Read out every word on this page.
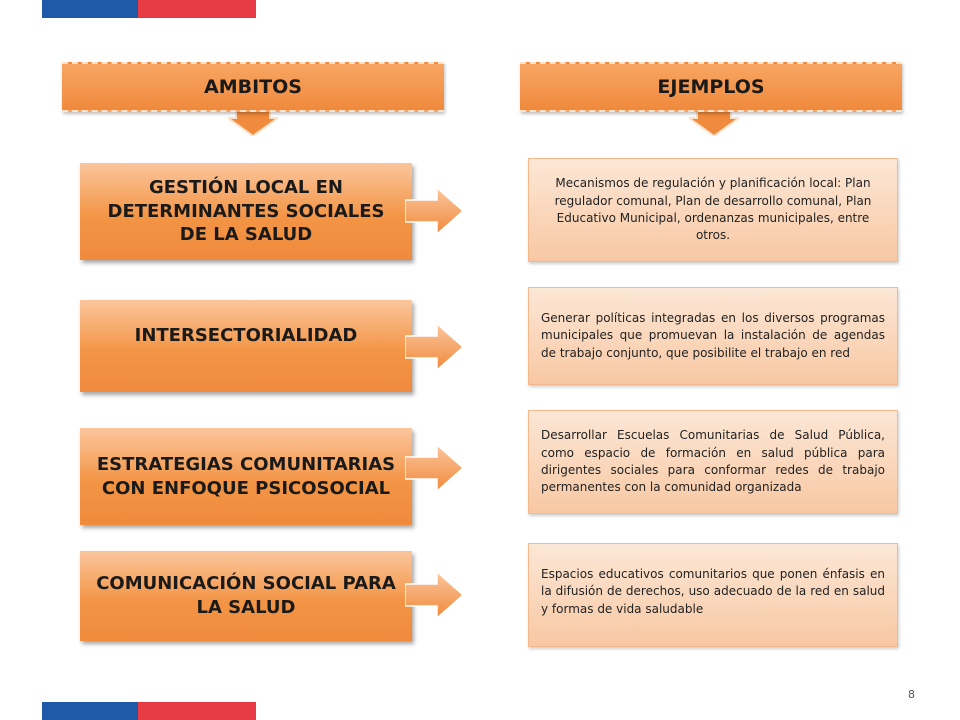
AMBITOS	EJEMPLOS
GESTIÓN LOCAL EN DETERMINANTES SOCIALES DE LA SALUD

Mecanismos de regulación y planificación local: Plan regulador comunal, Plan de desarrollo comunal, Plan Educativo Municipal, ordenanzas municipales, entre otros.

INTERSECTORIALIDAD

Generar políticas integradas en los diversos programas municipales que promuevan la instalación de agendas de trabajo conjunto, que posibilite el trabajo en red

ESTRATEGIAS COMUNITARIAS CON ENFOQUE PSICOSOCIAL

Desarrollar Escuelas Comunitarias de Salud Pública, como espacio de formación en salud pública para dirigentes sociales para conformar redes de trabajo permanentes con la comunidad organizada

COMUNICACIÓN SOCIAL PARA LA SALUD

Espacios educativos comunitarios que ponen énfasis en la difusión de derechos, uso adecuado de la red en salud y formas de vida saludable

8
